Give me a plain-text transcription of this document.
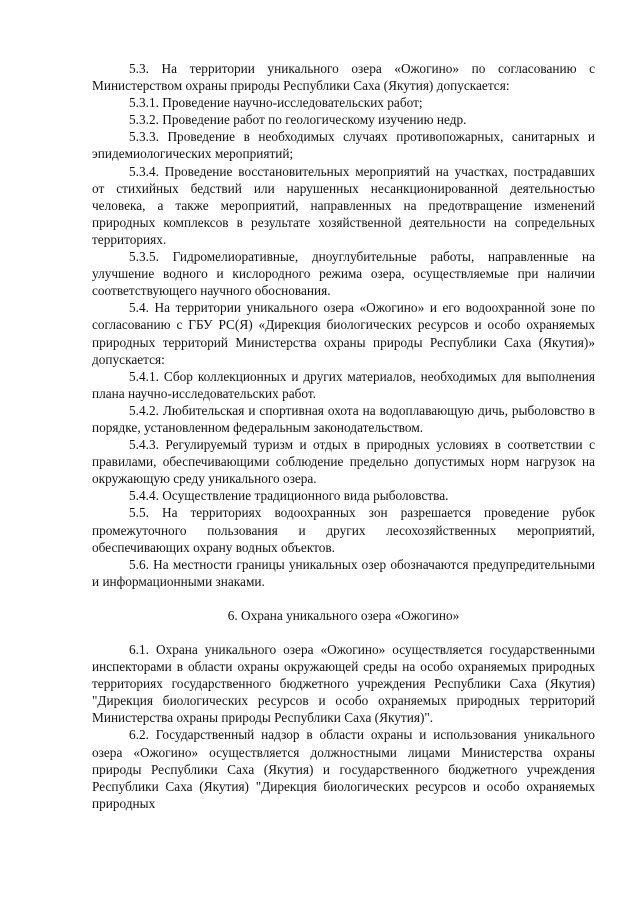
5.3. На территории уникального озера «Ожогино» по согласованию с Министерством охраны природы Республики Саха (Якутия) допускается:

5.3.1. Проведение научно-исследовательских работ;

5.3.2. Проведение работ по геологическому изучению недр.

5.3.3. Проведение в необходимых случаях противопожарных, санитарных и эпидемиологических мероприятий;

5.3.4. Проведение восстановительных мероприятий на участках, пострадавших от стихийных бедствий или нарушенных несанкционированной деятельностью человека, а также мероприятий, направленных на предотвращение изменений природных комплексов в результате хозяйственной деятельности на сопредельных территориях.

5.3.5. Гидромелиоративные, дноуглубительные работы, направленные на улучшение водного и кислородного режима озера, осуществляемые при наличии соответствующего научного обоснования.

5.4. На территории уникального озера «Ожогино» и его водоохранной зоне по согласованию с ГБУ РС(Я) «Дирекция биологических ресурсов и особо охраняемых природных территорий Министерства охраны природы Республики Саха (Якутия)» допускается:

5.4.1. Сбор коллекционных и других материалов, необходимых для выполнения плана научно-исследовательских работ.

5.4.2. Любительская и спортивная охота на водоплавающую дичь, рыболовство в порядке, установленном федеральным законодательством.

5.4.3. Регулируемый туризм и отдых в природных условиях в соответствии с правилами, обеспечивающими соблюдение предельно допустимых норм нагрузок на окружающую среду уникального озера.

5.4.4. Осуществление традиционного вида рыболовства.

5.5. На территориях водоохранных зон разрешается проведение рубок промежуточного пользования и других лесохозяйственных мероприятий, обеспечивающих охрану водных объектов.

5.6. На местности границы уникальных озер обозначаются предупредительными и информационными знаками.

6. Охрана уникального озера «Ожогино»

6.1. Охрана уникального озера «Ожогино» осуществляется государственными инспекторами в области охраны окружающей среды на особо охраняемых природных территориях государственного бюджетного учреждения Республики Саха (Якутия) "Дирекция биологических ресурсов и особо охраняемых природных территорий Министерства охраны природы Республики Саха (Якутия)".

6.2. Государственный надзор в области охраны и использования уникального озера «Ожогино» осуществляется должностными лицами Министерства охраны природы Республики Саха (Якутия) и государственного бюджетного учреждения Республики Саха (Якутия) "Дирекция биологических ресурсов и особо охраняемых природных
